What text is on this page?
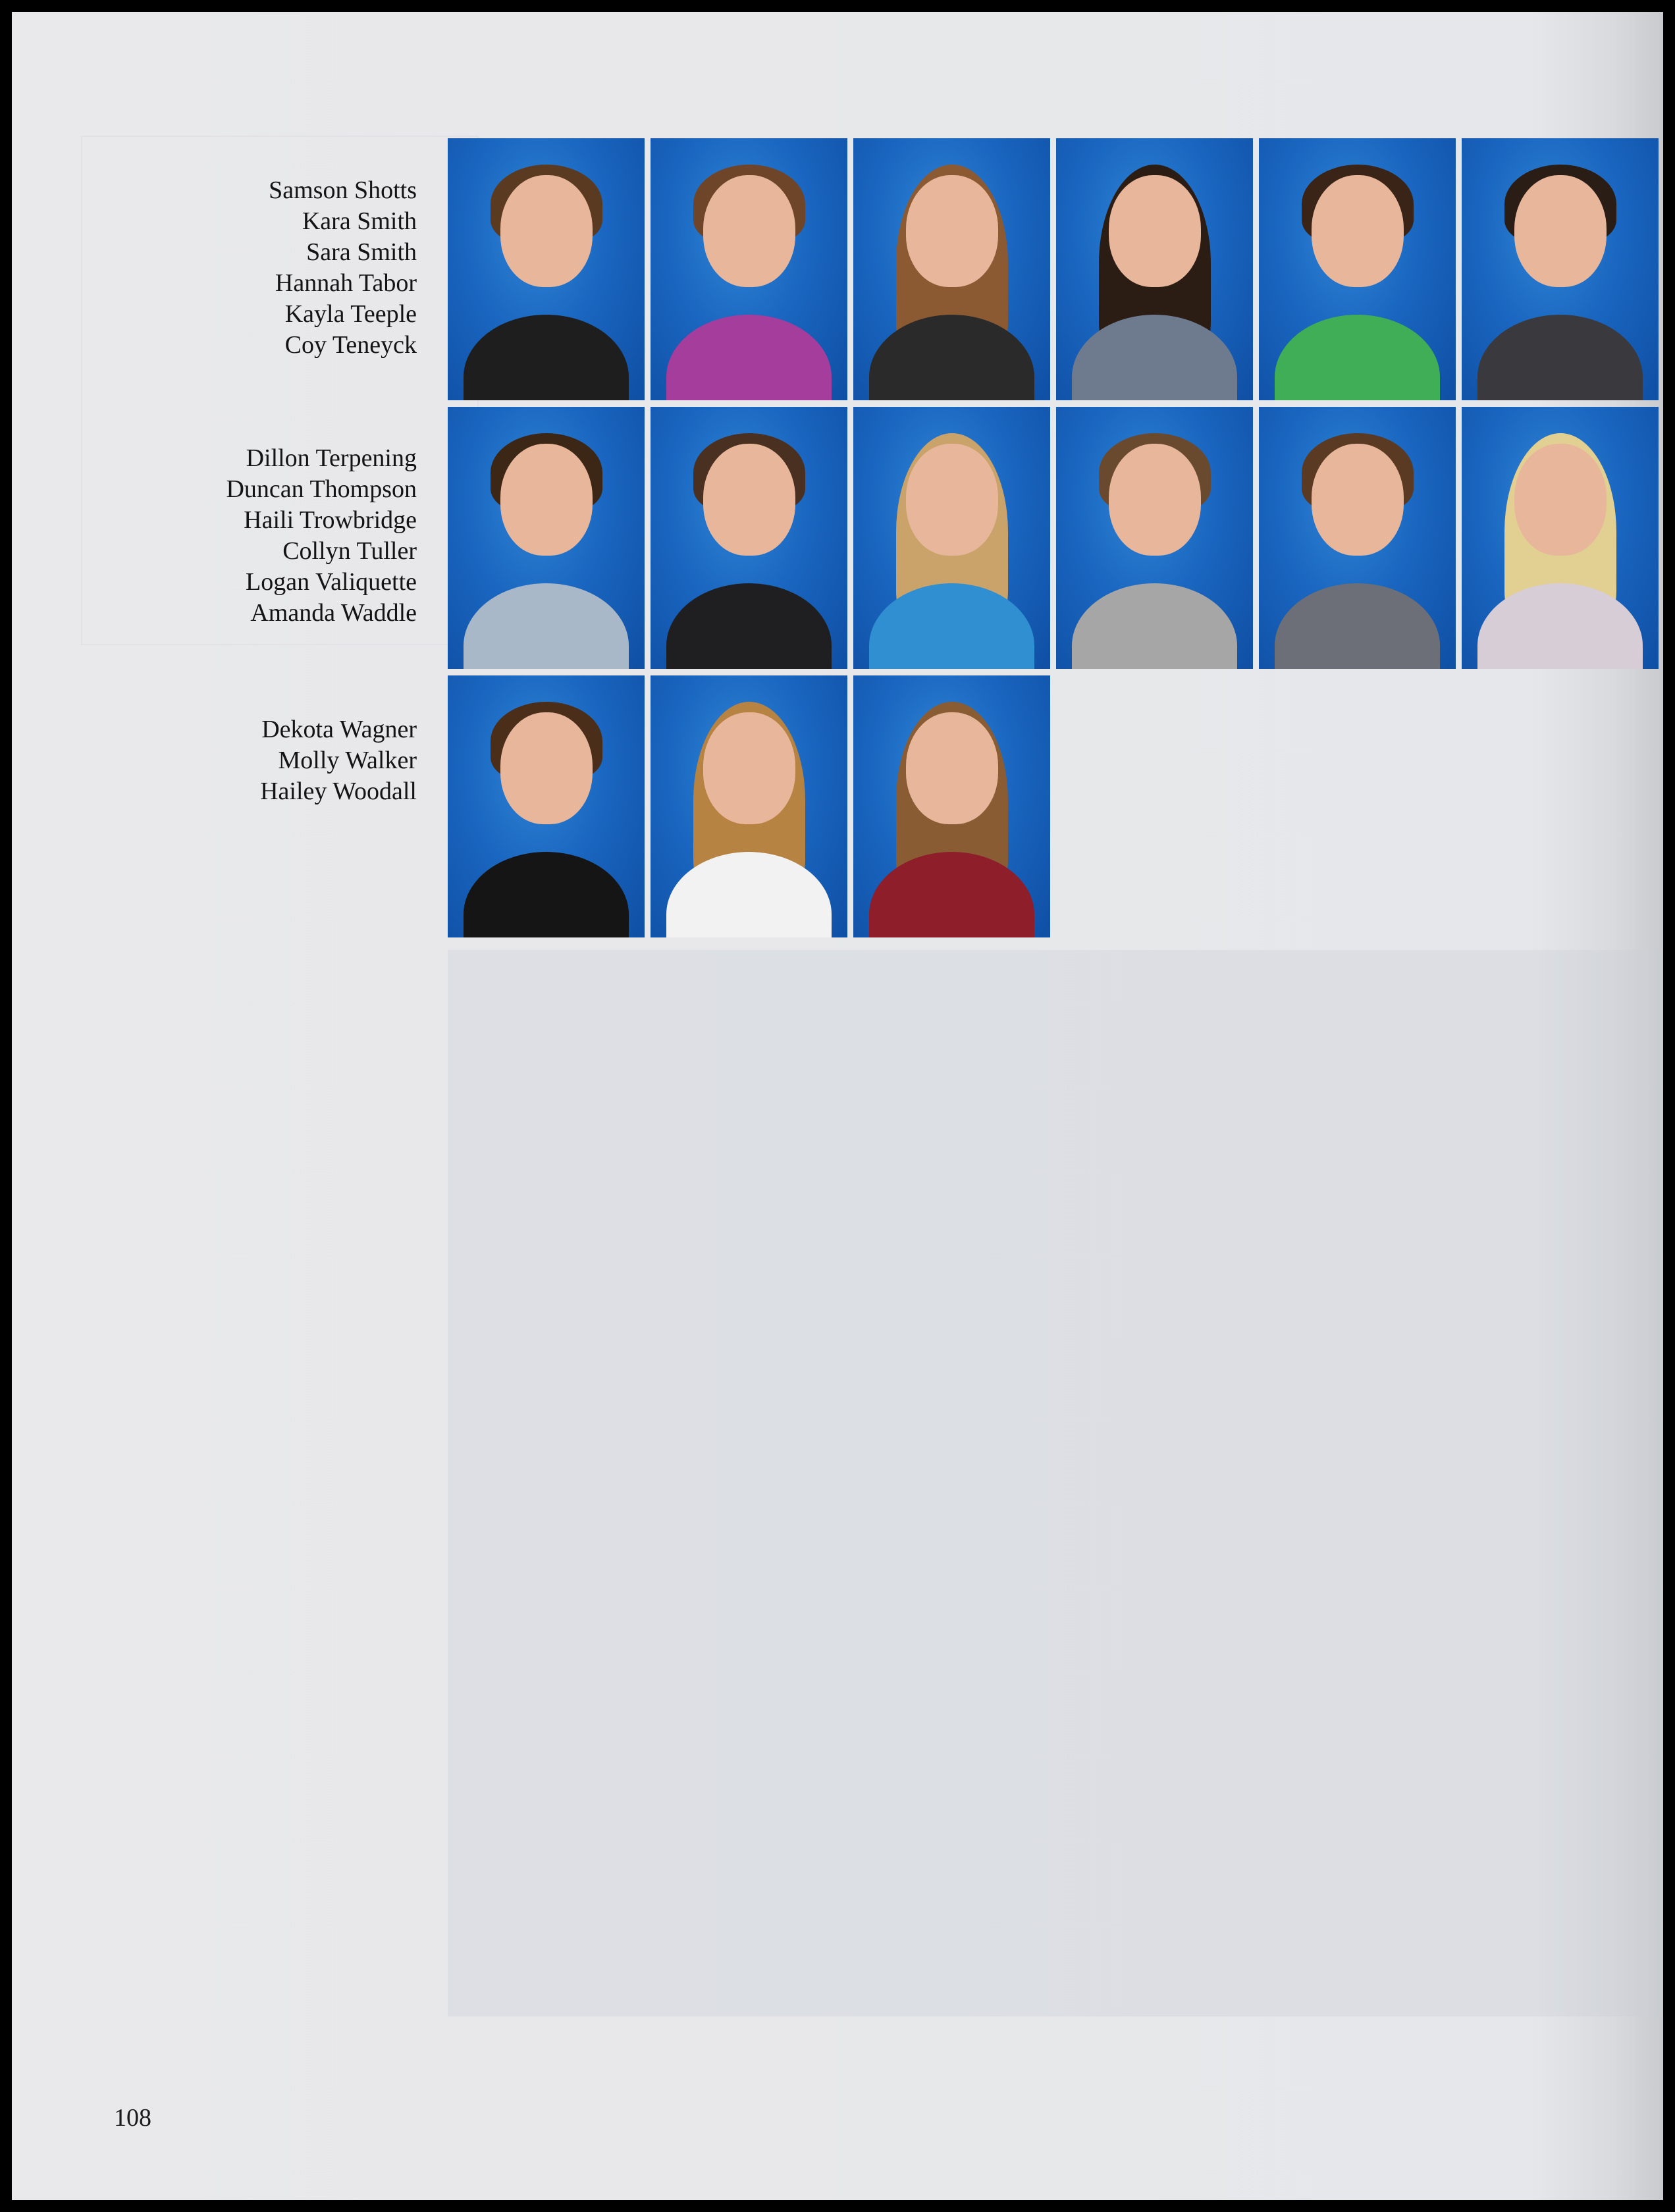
Samson Shotts
Kara Smith
Sara Smith
Hannah Tabor
Kayla Teeple
Coy Teneyck
Dillon Terpening
Duncan Thompson
Haili Trowbridge
Collyn Tuller
Logan Valiquette
Amanda Waddle
Dekota Wagner
Molly Walker
Hailey Woodall
108
